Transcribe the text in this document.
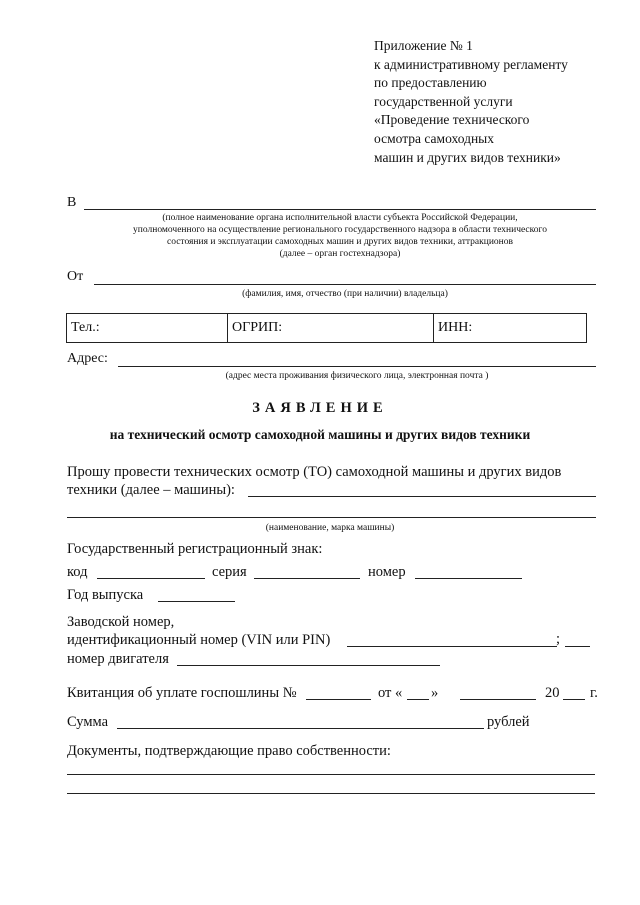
Приложение № 1
к административному регламенту
по предоставлению
государственной услуги
«Проведение технического
осмотра самоходных
машин и других видов техники»
В
(полное наименование органа исполнительной власти субъекта Российской Федерации,
уполномоченного на осуществление регионального государственного надзора в области технического
состояния и эксплуатации самоходных машин и других видов техники, аттракционов
(далее – орган гостехнадзора)
От
(фамилия, имя, отчество (при наличии) владельца)
Тел.:	ОГРИП:	ИНН:
Адрес:
(адрес места проживания физического лица, электронная почта )
ЗАЯВЛЕНИЕ
на технический осмотр самоходной машины и других видов техники
Прошу провести технических осмотр (ТО) самоходной машины и других видов
техники (далее – машины):
(наименование, марка машины)
Государственный регистрационный знак:
код	серия	номер
Год выпуска
Заводской номер,
идентификационный номер (VIN или PIN)	;
номер двигателя
Квитанция об уплате госпошлины №	от « »	20 г.
Сумма	рублей
Документы, подтверждающие право собственности:
